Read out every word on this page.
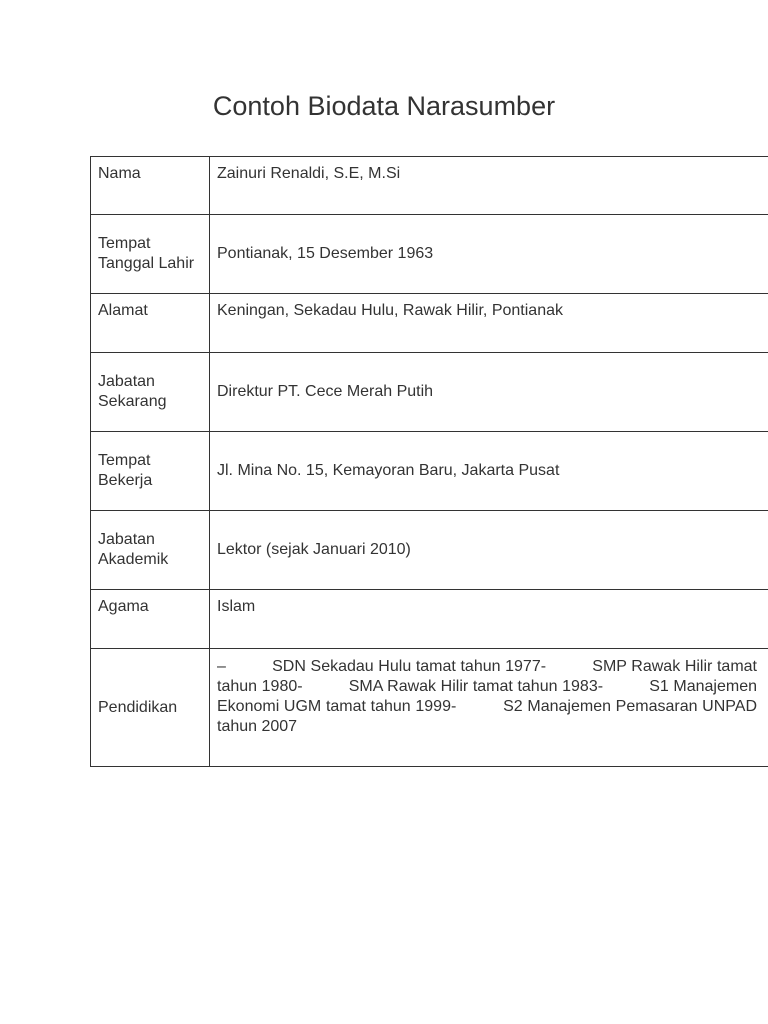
Contoh Biodata Narasumber
Nama	Zainuri Renaldi, S.E, M.Si
Tempat Tanggal Lahir	Pontianak, 15 Desember 1963
Alamat	Keningan, Sekadau Hulu, Rawak Hilir, Pontianak
Jabatan Sekarang	Direktur PT. Cece Merah Putih
Tempat Bekerja	Jl. Mina No. 15, Kemayoran Baru, Jakarta Pusat
Jabatan Akademik	Lektor (sejak Januari 2010)
Agama	Islam
Pendidikan	–          SDN Sekadau Hulu tamat tahun 1977-          SMP Rawak Hilir tamat tahun 1980-          SMA Rawak Hilir tamat tahun 1983-          S1 Manajemen Ekonomi UGM tamat tahun 1999-          S2 Manajemen Pemasaran UNPAD tahun 2007
